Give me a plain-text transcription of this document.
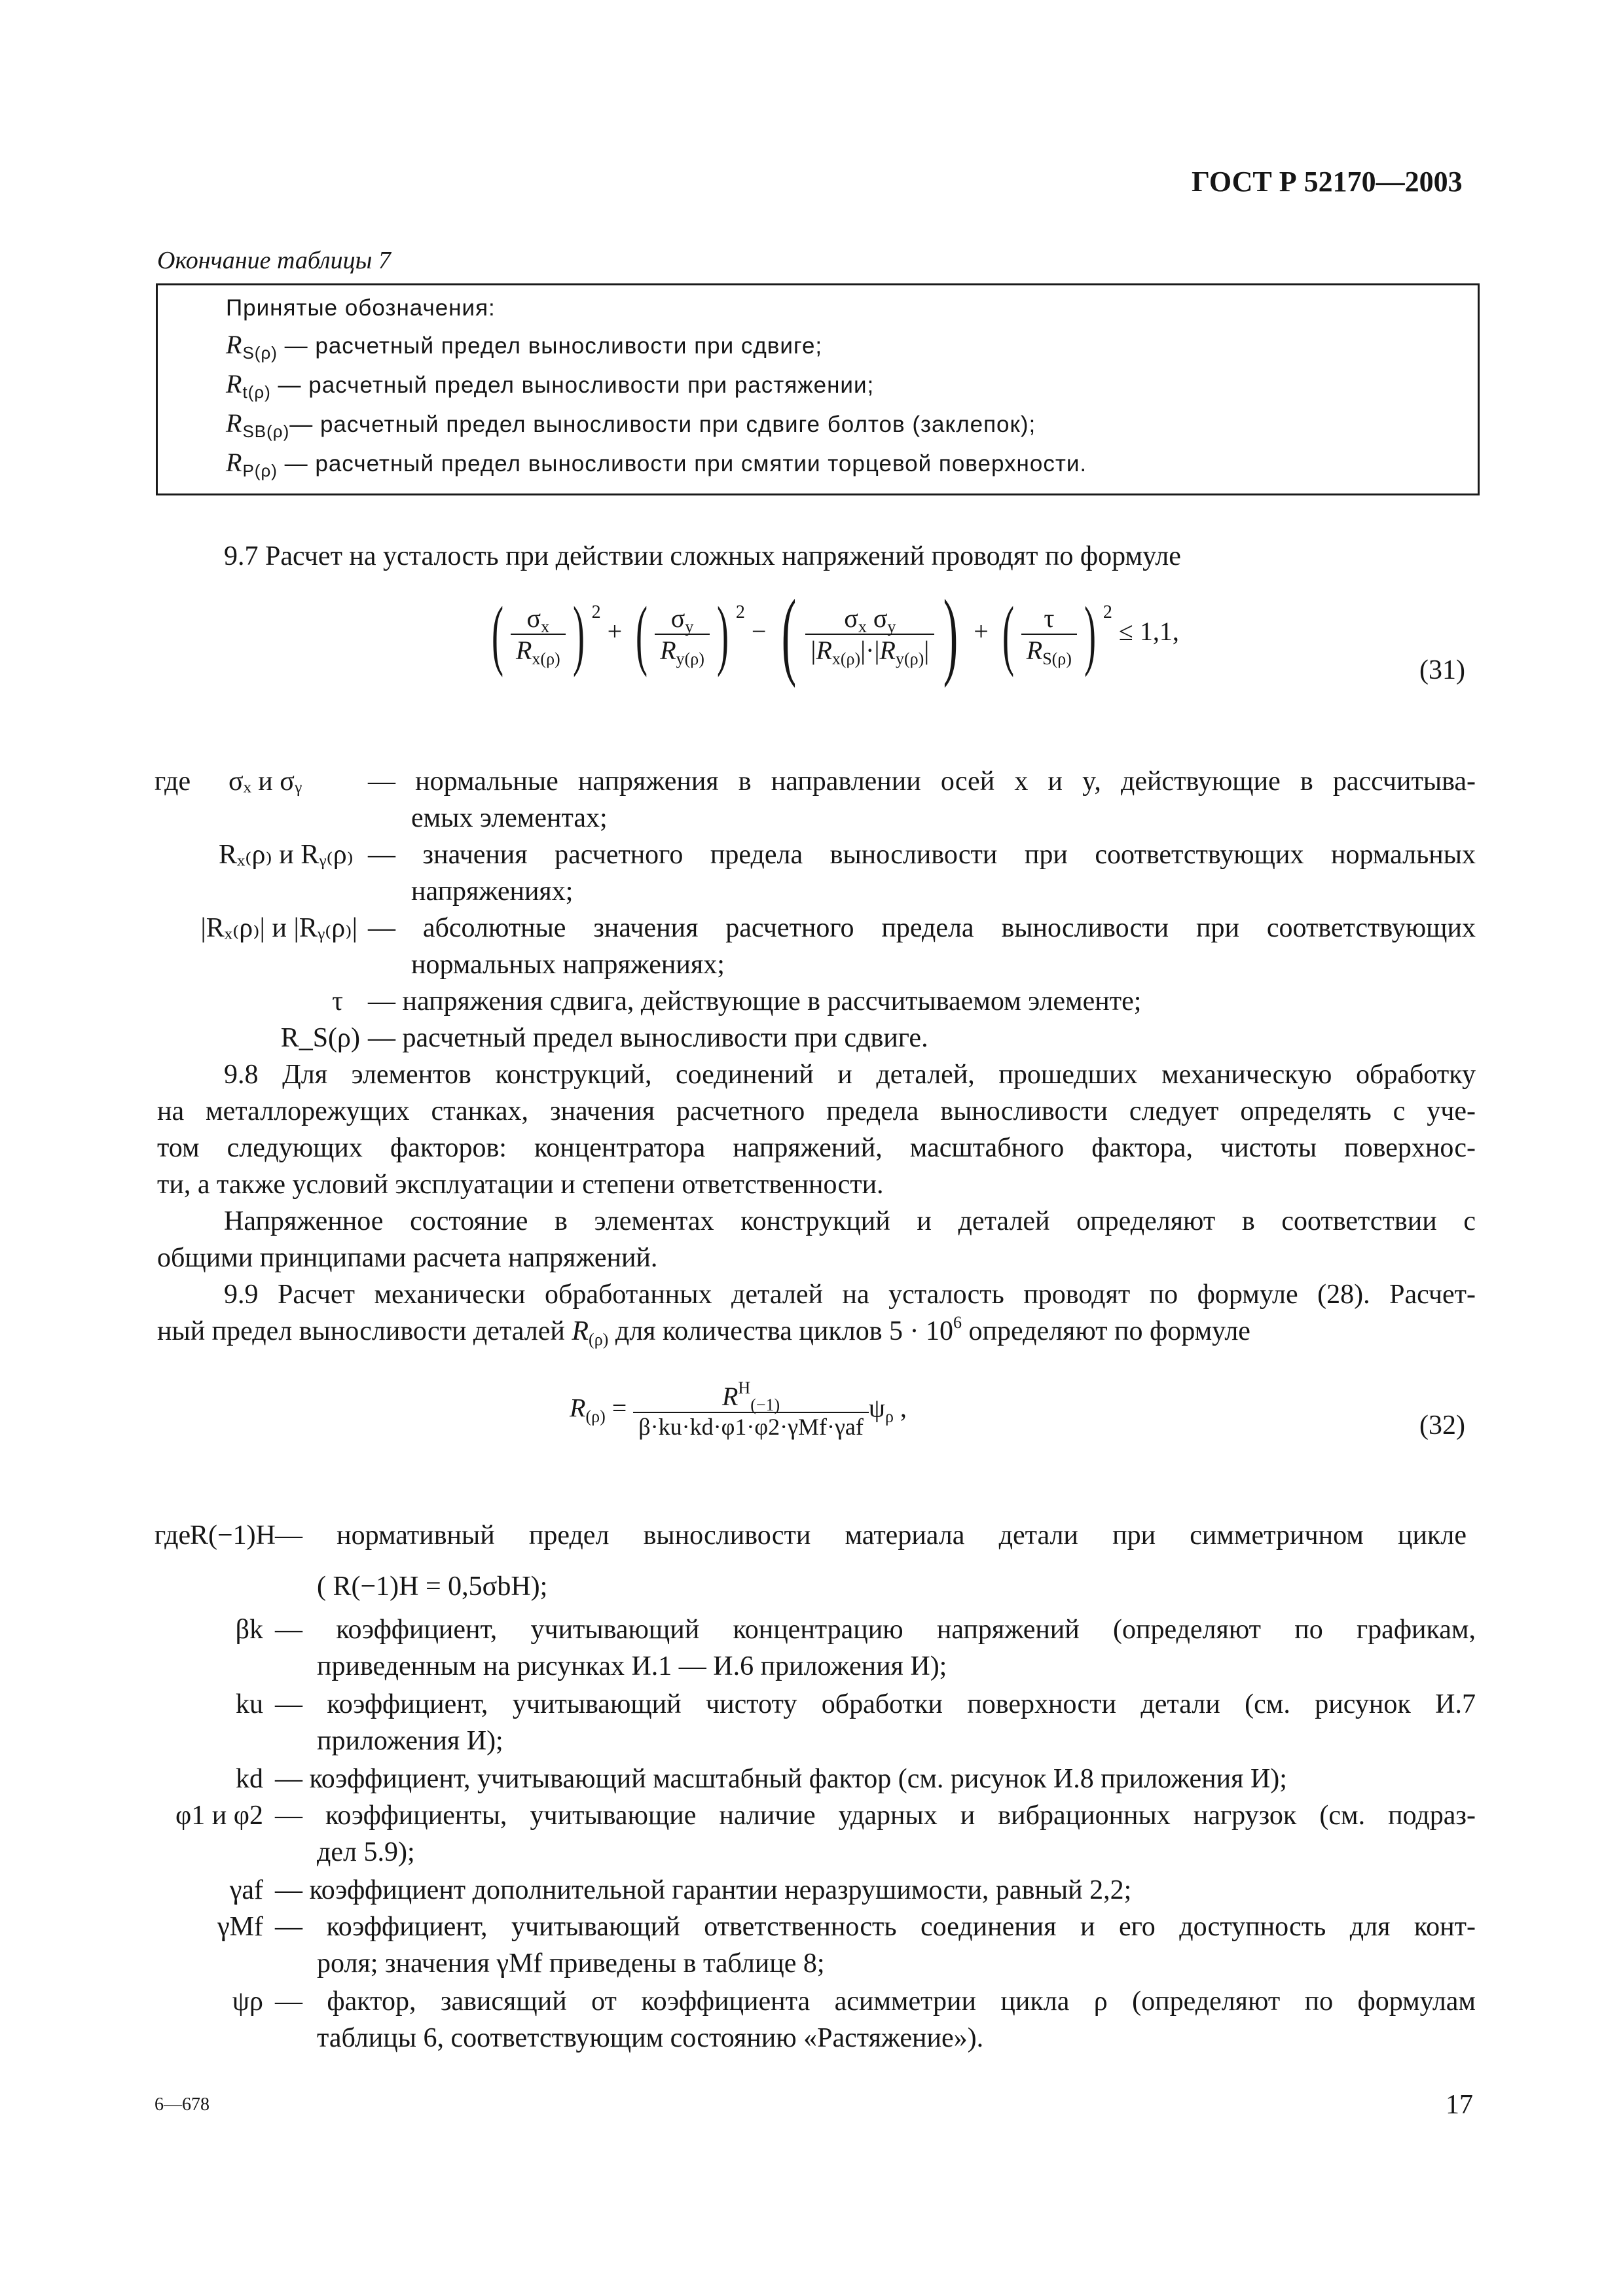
ГОСТ Р 52170—2003
Окончание таблицы 7
Принятые обозначения:
$R_{S(\rho)}$ — расчетный предел выносливости при сдвиге;
$R_{t(\rho)}$ — расчетный предел выносливости при растяжении;
$R_{SB(\rho)}—$ расчетный предел выносливости при сдвиге болтов (заклепок);
$R_{P(\rho)}$ — расчетный предел выносливости при смятии торцевой поверхности.
9.7 Расчет на усталость при действии сложных напряжений проводят по формуле
( $\frac{\sigma_x}{R_{x(\rho)}}$ ) $^2$ + ( $\frac{\sigma_y}{R_{y(\rho)}}$ ) $^2$ − ( $\frac{\sigma_x \sigma_y}{|R_{x(\rho)}|\cdot|R_{y(\rho)}|}$ ) + ( $\frac{\tau}{R_{S(\rho)}}$ ) $^2$ ≤ 1,1,
(31)
где	σₓ и σᵧ	— нормальные напряжения в направлении осей x и y, действующие в рассчитыва-
емых элементах;
Rₓ₍ρ₎ и Rᵧ₍ρ₎ — значения расчетного предела выносливости при соответствующих нормальных
напряжениях;
|Rₓ₍ρ₎| и |Rᵧ₍ρ₎| — абсолютные значения расчетного предела выносливости при соответствующих
нормальных напряжениях;
τ — напряжения сдвига, действующие в рассчитываемом элементе;
R_S(ρ) — расчетный предел выносливости при сдвиге.
9.8 Для элементов конструкций, соединений и деталей, прошедших механическую обработку
на металлорежущих станках, значения расчетного предела выносливости следует определять с уче-
том следующих факторов: концентратора напряжений, масштабного фактора, чистоты поверхнос-
ти, а также условий эксплуатации и степени ответственности.
Напряженное состояние в элементах конструкций и деталей определяют в соответствии с
общими принципами расчета напряжений.
9.9 Расчет механически обработанных деталей на усталость проводят по формуле (28). Расчет-
ный предел выносливости деталей $R_{(\rho)}$ для количества циклов $5 \cdot 10^6$ определяют по формуле
$R_{(\rho)} = \frac{R^H_{(-1)}}{\text{β·ku·kd·φ1·φ2·γMf·γaf}} \psi_\rho$ ,
(32)
где
R(−1)H
— нормативный предел выносливости материала детали при симметричном цикле
( R(−1)H = 0,5σbH);
βk — коэффициент, учитывающий концентрацию напряжений (определяют по графикам,
приведенным на рисунках И.1 — И.6 приложения И);
ku — коэффициент, учитывающий чистоту обработки поверхности детали (см. рисунок И.7
приложения И);
kd — коэффициент, учитывающий масштабный фактор (см. рисунок И.8 приложения И);
φ1 и φ2 — коэффициенты, учитывающие наличие ударных и вибрационных нагрузок (см. подраз-
дел 5.9);
γaf — коэффициент дополнительной гарантии неразрушимости, равный 2,2;
γMf — коэффициент, учитывающий ответственность соединения и его доступность для конт-
роля; значения γMf приведены в таблице 8;
ψρ — фактор, зависящий от коэффициента асимметрии цикла ρ (определяют по формулам
таблицы 6, соответствующим состоянию «Растяжение»).
6—678	17
